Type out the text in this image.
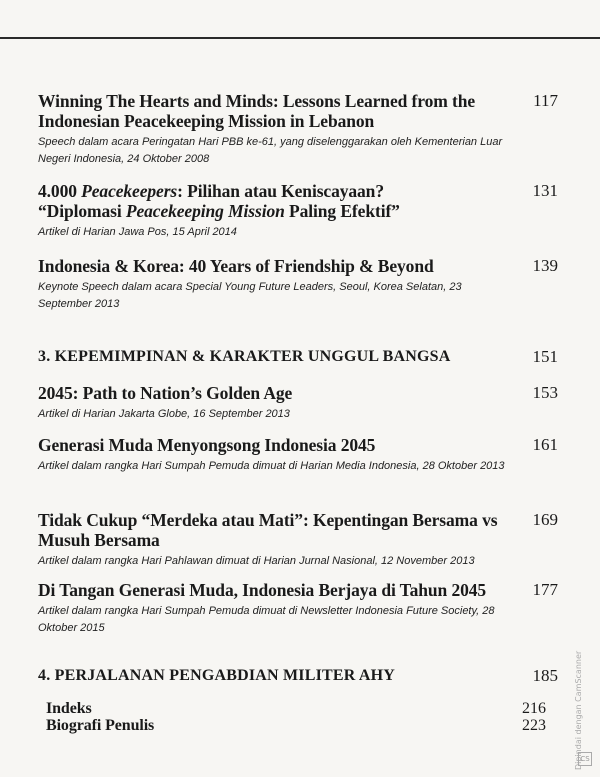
Winning The Hearts and Minds: Lessons Learned from the Indonesian Peacekeeping Mission in Lebanon
117
Speech dalam acara Peringatan Hari PBB ke-61, yang diselenggarakan oleh Kementerian Luar Negeri Indonesia, 24 Oktober 2008
4.000 Peacekeepers: Pilihan atau Keniscayaan?
“Diplomasi Peacekeeping Mission Paling Efektif”
131
Artikel di Harian Jawa Pos, 15 April 2014
Indonesia & Korea: 40 Years of Friendship & Beyond	139
Keynote Speech dalam acara Special Young Future Leaders, Seoul, Korea Selatan, 23 September 2013
3. KEPEMIMPINAN & KARAKTER UNGGUL BANGSA	151
2045: Path to Nation’s Golden Age	153
Artikel di Harian Jakarta Globe, 16 September 2013
Generasi Muda Menyongsong Indonesia 2045	161
Artikel dalam rangka Hari Sumpah Pemuda dimuat di Harian Media Indonesia, 28 Oktober 2013
Tidak Cukup “Merdeka atau Mati”: Kepentingan Bersama vs Musuh Bersama
169
Artikel dalam rangka Hari Pahlawan dimuat di Harian Jurnal Nasional, 12 November 2013
Di Tangan Generasi Muda, Indonesia Berjaya di Tahun 2045	177
Artikel dalam rangka Hari Sumpah Pemuda dimuat di Newsletter Indonesia Future Society, 28 Oktober 2015
4. PERJALANAN PENGABDIAN MILITER AHY	185
Indeks	216
Biografi Penulis	223	Dipindai dengan CamScanner
CS
